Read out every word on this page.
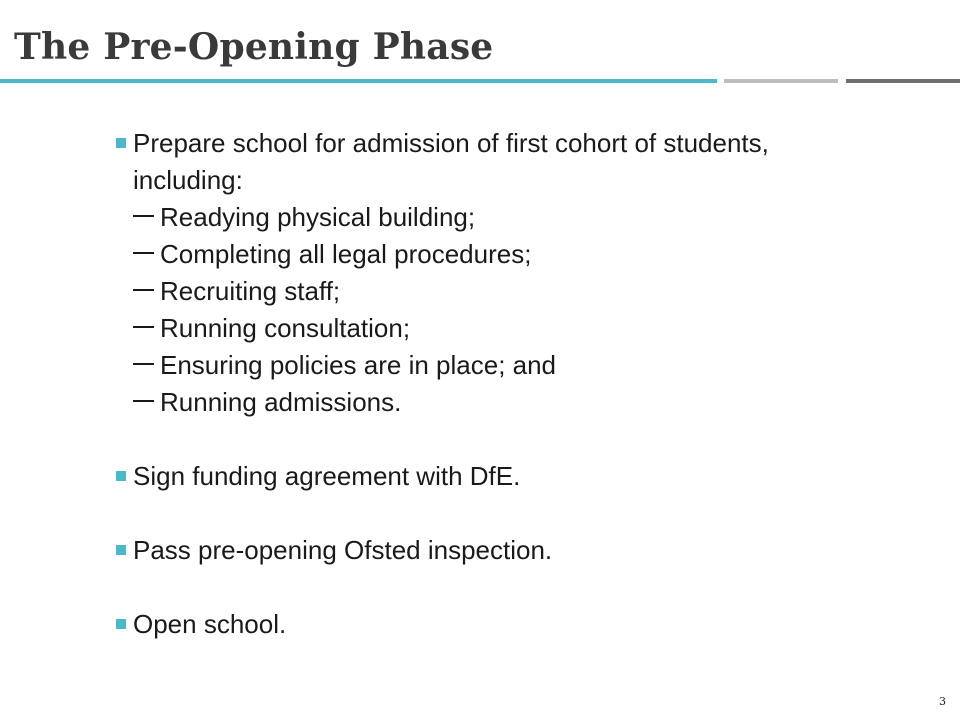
The Pre-Opening Phase
Prepare school for admission of first cohort of students, including:
Readying physical building;
Completing all legal procedures;
Recruiting staff;
Running consultation;
Ensuring policies are in place; and
Running admissions.
Sign funding agreement with DfE.
Pass pre-opening Ofsted inspection.
Open school.
3
